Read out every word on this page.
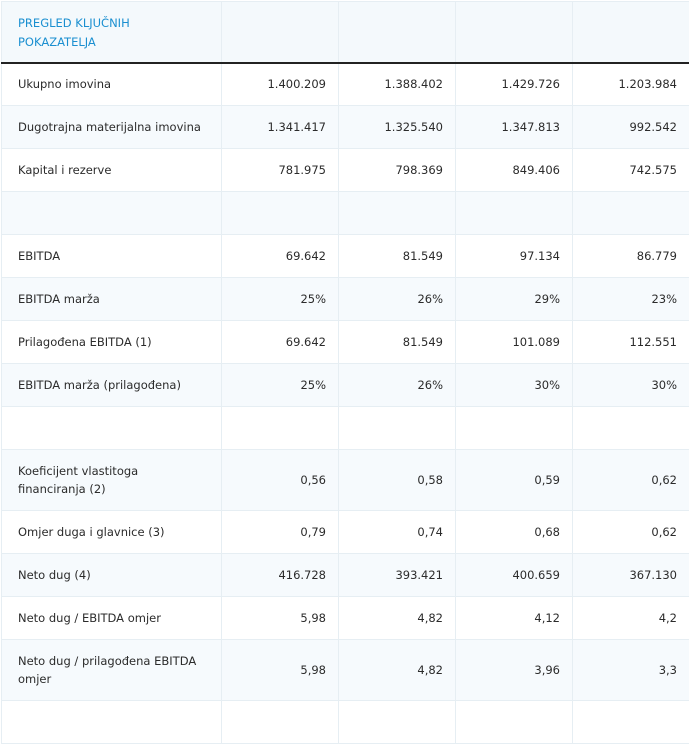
PREGLED KLJUČNIH POKAZATELJA				
Ukupno imovina	1.400.209	1.388.402	1.429.726	1.203.984
Dugotrajna materijalna imovina	1.341.417	1.325.540	1.347.813	992.542
Kapital i rezerve	781.975	798.369	849.406	742.575

EBITDA	69.642	81.549	97.134	86.779
EBITDA marža	25%	26%	29%	23%
Prilagođena EBITDA (1)	69.642	81.549	101.089	112.551
EBITDA marža (prilagođena)	25%	26%	30%	30%

Koeficijent vlastitoga financiranja (2)	0,56	0,58	0,59	0,62
Omjer duga i glavnice (3)	0,79	0,74	0,68	0,62
Neto dug (4)	416.728	393.421	400.659	367.130
Neto dug / EBITDA omjer	5,98	4,82	4,12	4,2
Neto dug / prilagođena EBITDA omjer	5,98	4,82	3,96	3,3
